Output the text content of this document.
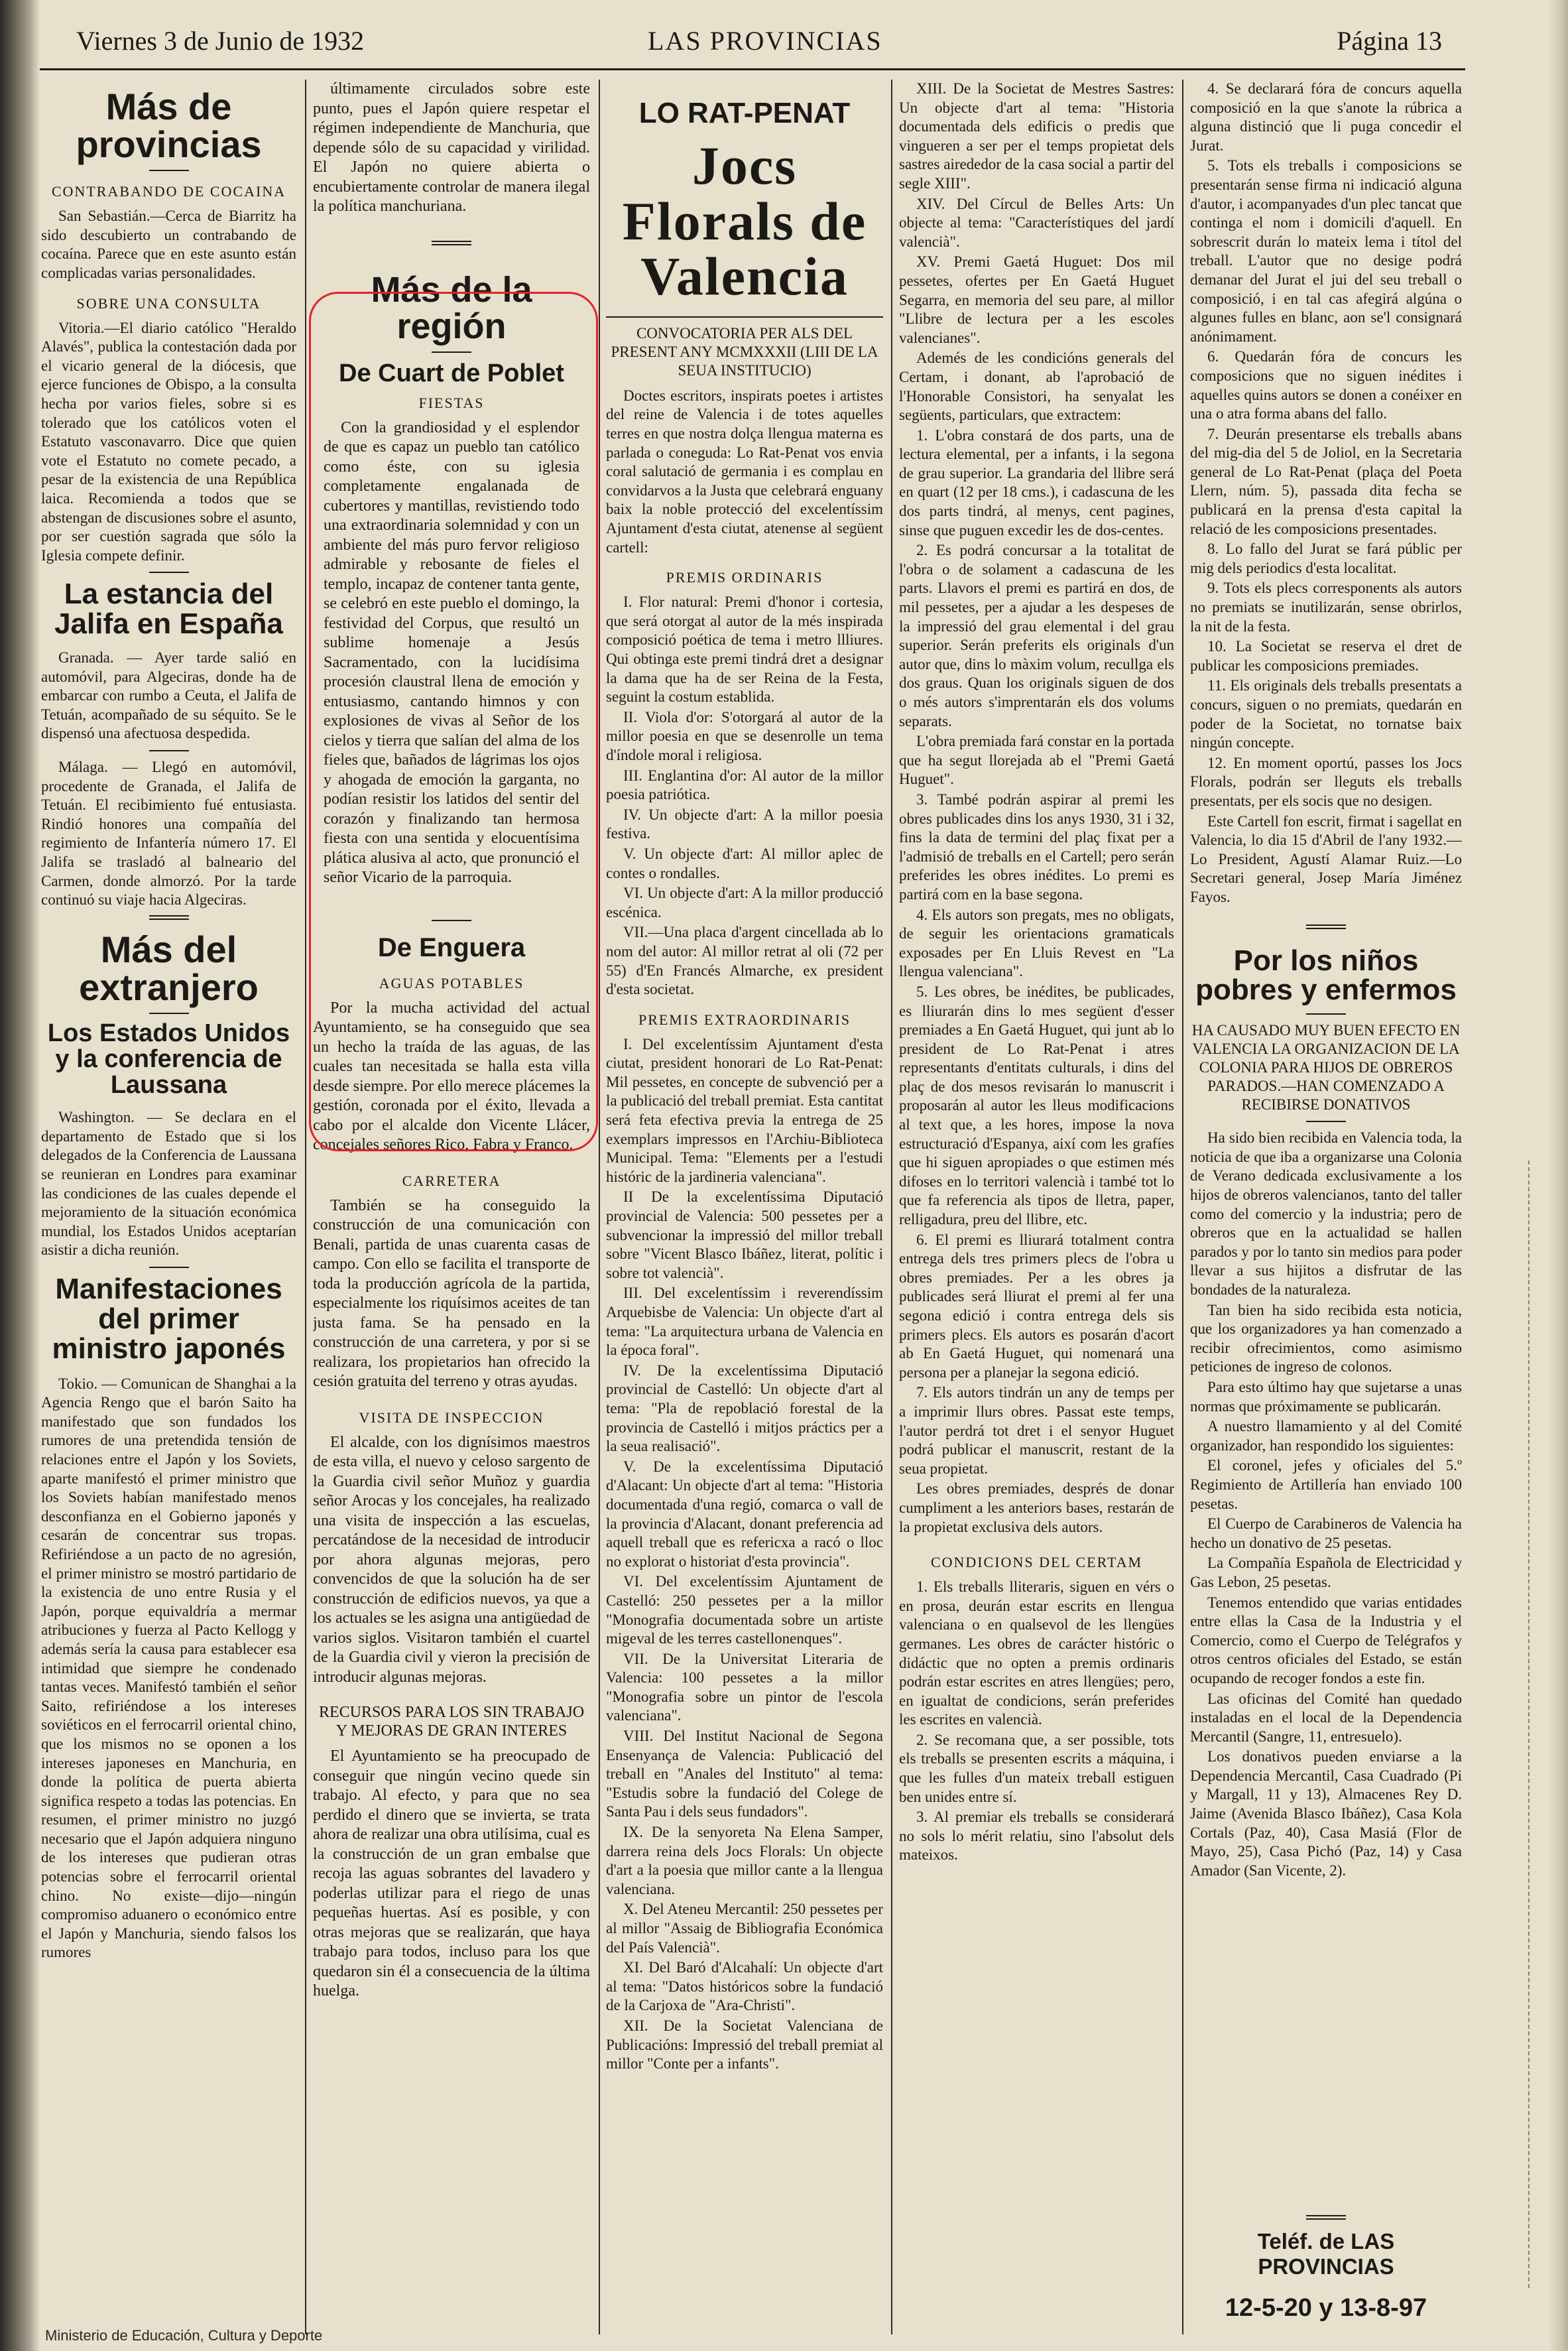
Viernes 3 de Junio de 1932	LAS PROVINCIAS	Página 13
Más de provincias
CONTRABANDO DE COCAINA

San Sebastián.—Cerca de Biarritz ha sido descubierto un contrabando de cocaína. Parece que en este asunto están complicadas varias personalidades.

SOBRE UNA CONSULTA

Vitoria.—El diario católico "Heraldo Alavés", publica la contestación dada por el vicario general de la diócesis, que ejerce funciones de Obispo, a la consulta hecha por varios fieles, sobre si es tolerado que los católicos voten el Estatuto vasconavarro. Dice que quien vote el Estatuto no comete pecado, a pesar de la existencia de una República laica. Recomienda a todos que se abstengan de discusiones sobre el asunto, por ser cuestión sagrada que sólo la Iglesia compete definir.

La estancia del Jalifa en España

Granada. — Ayer tarde salió en automóvil, para Algeciras, donde ha de embarcar con rumbo a Ceuta, el Jalifa de Tetuán, acompañado de su séquito. Se le dispensó una afectuosa despedida.

Málaga. — Llegó en automóvil, procedente de Granada, el Jalifa de Tetuán. El recibimiento fué entusiasta. Rindió honores una compañía del regimiento de Infantería número 17. El Jalifa se trasladó al balneario del Carmen, donde almorzó. Por la tarde continuó su viaje hacia Algeciras.

Más del extranjero
Los Estados Unidos y la conferencia de Laussana

Washington. — Se declara en el departamento de Estado que si los delegados de la Conferencia de Laussana se reunieran en Londres para examinar las condiciones de las cuales depende el mejoramiento de la situación económica mundial, los Estados Unidos aceptarían asistir a dicha reunión.

Manifestaciones del primer ministro japonés

Tokio. — Comunican de Shanghai a la Agencia Rengo que el barón Saito ha manifestado que son fundados los rumores de una pretendida tensión de relaciones entre el Japón y los Soviets, aparte manifestó el primer ministro que los Soviets habían manifestado menos desconfianza en el Gobierno japonés y cesarán de concentrar sus tropas. Refiriéndose a un pacto de no agresión, el primer ministro se mostró partidario de la existencia de uno entre Rusia y el Japón, porque equivaldría a mermar atribuciones y fuerza al Pacto Kellogg y además sería la causa para establecer esa intimidad que siempre he condenado tantas veces. Manifestó también el señor Saito, refiriéndose a los intereses soviéticos en el ferrocarril oriental chino, que los mismos no se oponen a los intereses japoneses en Manchuria, en donde la política de puerta abierta significa respeto a todas las potencias. En resumen, el primer ministro no juzgó necesario que el Japón adquiera ninguno de los intereses que pudieran otras potencias sobre el ferrocarril oriental chino. No existe—dijo—ningún compromiso aduanero o económico entre el Japón y Manchuria, siendo falsos los rumores

últimamente circulados sobre este punto, pues el Japón quiere respetar el régimen independiente de Manchuria, que depende sólo de su capacidad y virilidad. El Japón no quiere abierta o encubiertamente controlar de manera ilegal la política manchuriana.

Más de la región
De Cuart de Poblet
FIESTAS

Con la grandiosidad y el esplendor de que es capaz un pueblo tan católico como éste, con su iglesia completamente engalanada de cubertores y mantillas, revistiendo todo una extraordinaria solemnidad y con un ambiente del más puro fervor religioso admirable y rebosante de fieles el templo, incapaz de contener tanta gente, se celebró en este pueblo el domingo, la festividad del Corpus, que resultó un sublime homenaje a Jesús Sacramentado, con la lucidísima procesión claustral llena de emoción y entusiasmo, cantando himnos y con explosiones de vivas al Señor de los cielos y tierra que salían del alma de los fieles que, bañados de lágrimas los ojos y ahogada de emoción la garganta, no podían resistir los latidos del sentir del corazón y finalizando tan hermosa fiesta con una sentida y elocuentísima plática alusiva al acto, que pronunció el señor Vicario de la parroquia.

De Enguera
AGUAS POTABLES

Por la mucha actividad del actual Ayuntamiento, se ha conseguido que sea un hecho la traída de las aguas, de las cuales tan necesitada se halla esta villa desde siempre. Por ello merece plácemes la gestión, coronada por el éxito, llevada a cabo por el alcalde don Vicente Llácer, concejales señores Rico, Fabra y Franco.

CARRETERA

También se ha conseguido la construcción de una comunicación con Benali, partida de unas cuarenta casas de campo. Con ello se facilita el transporte de toda la producción agrícola de la partida, especialmente los riquísimos aceites de tan justa fama. Se ha pensado en la construcción de una carretera, y por si se realizara, los propietarios han ofrecido la cesión gratuita del terreno y otras ayudas.

VISITA DE INSPECCION

El alcalde, con los dignísimos maestros de esta villa, el nuevo y celoso sargento de la Guardia civil señor Muñoz y guardia señor Arocas y los concejales, ha realizado una visita de inspección a las escuelas, percatándose de la necesidad de introducir por ahora algunas mejoras, pero convencidos de que la solución ha de ser construcción de edificios nuevos, ya que a los actuales se les asigna una antigüedad de varios siglos. Visitaron también el cuartel de la Guardia civil y vieron la precisión de introducir algunas mejoras.

RECURSOS PARA LOS SIN TRABAJO Y MEJORAS DE GRAN INTERES

El Ayuntamiento se ha preocupado de conseguir que ningún vecino quede sin trabajo. Al efecto, y para que no sea perdido el dinero que se invierta, se trata ahora de realizar una obra utilísima, cual es la construcción de un gran embalse que recoja las aguas sobrantes del lavadero y poderlas utilizar para el riego de unas pequeñas huertas. Así es posible, y con otras mejoras que se realizarán, que haya trabajo para todos, incluso para los que quedaron sin él a consecuencia de la última huelga.

LO RAT-PENAT
Jocs Florals de Valencia
CONVOCATORIA PER ALS DEL PRESENT ANY MCMXXXII (LIII DE LA SEUA INSTITUCIO)

Doctes escritors, inspirats poetes i artistes del reine de Valencia i de totes aquelles terres en que nostra dolça llengua materna es parlada o coneguda: Lo Rat-Penat vos envia coral salutació de germania i es complau en convidarvos a la Justa que celebrará enguany baix la noble protecció del excelentíssim Ajuntament d'esta ciutat, atenense al següent cartell:

PREMIS ORDINARIS

I. Flor natural: Premi d'honor i cortesia, que será otorgat al autor de la més inspirada composició poética de tema i metro llliures. Qui obtinga este premi tindrá dret a designar la dama que ha de ser Reina de la Festa, seguint la costum establida.

II. Viola d'or: S'otorgará al autor de la millor poesia en que se desenrolle un tema d'índole moral i religiosa.

III. Englantina d'or: Al autor de la millor poesia patriótica.

IV. Un objecte d'art: A la millor poesia festiva.

V. Un objecte d'art: Al millor aplec de contes o rondalles.

VI. Un objecte d'art: A la millor producció escénica.

VII.—Una placa d'argent cincellada ab lo nom del autor: Al millor retrat al oli (72 per 55) d'En Francés Almarche, ex president d'esta societat.

PREMIS EXTRAORDINARIS

I. Del excelentíssim Ajuntament d'esta ciutat, president honorari de Lo Rat-Penat: Mil pessetes, en concepte de subvenció per a la publicació del treball premiat. Esta cantitat será feta efectiva previa la entrega de 25 exemplars impressos en l'Archiu-Biblioteca Municipal. Tema: "Elements per a l'estudi históric de la jardineria valenciana".

II De la excelentíssima Diputació provincial de Valencia: 500 pessetes per a subvencionar la impressió del millor treball sobre "Vicent Blasco Ibáñez, literat, polític i sobre tot valencià".

III. Del excelentíssim i reverendíssim Arquebisbe de Valencia: Un objecte d'art al tema: "La arquitectura urbana de Valencia en la época foral".

IV. De la excelentíssima Diputació provincial de Castelló: Un objecte d'art al tema: "Pla de repoblació forestal de la provincia de Castelló i mitjos práctics per a la seua realisació".

V. De la excelentíssima Diputació d'Alacant: Un objecte d'art al tema: "Historia documentada d'una regió, comarca o vall de la provincia d'Alacant, donant preferencia ad aquell treball que es refericxa a racó o lloc no explorat o historiat d'esta provincia".

VI. Del excelentíssim Ajuntament de Castelló: 250 pessetes per a la millor "Monografia documentada sobre un artiste migeval de les terres castellonenques".

VII. De la Universitat Literaria de Valencia: 100 pessetes a la millor "Monografia sobre un pintor de l'escola valenciana".

VIII. Del Institut Nacional de Segona Ensenyança de Valencia: Publicació del treball en "Anales del Instituto" al tema: "Estudis sobre la fundació del Colege de Santa Pau i dels seus fundadors".

IX. De la senyoreta Na Elena Samper, darrera reina dels Jocs Florals: Un objecte d'art a la poesia que millor cante a la llengua valenciana.

X. Del Ateneu Mercantil: 250 pessetes per al millor "Assaig de Bibliografia Económica del País Valencià".

XI. Del Baró d'Alcahalí: Un objecte d'art al tema: "Datos históricos sobre la fundació de la Carjoxa de "Ara-Christi".

XII. De la Societat Valenciana de Publicacións: Impressió del treball premiat al millor "Conte per a infants".

XIII. De la Societat de Mestres Sastres: Un objecte d'art al tema: "Historia documentada dels edificis o predis que vingueren a ser per el temps propietat dels sastres airededor de la casa social a partir del segle XIII".

XIV. Del Círcul de Belles Arts: Un objecte al tema: "Característiques del jardí valencià".

XV. Premi Gaetá Huguet: Dos mil pessetes, ofertes per En Gaetá Huguet Segarra, en memoria del seu pare, al millor "Llibre de lectura per a les escoles valencianes".

Ademés de les condicións generals del Certam, i donant, ab l'aprobació de l'Honorable Consistori, ha senyalat les següents, particulars, que extractem:

1. L'obra constará de dos parts, una de lectura elemental, per a infants, i la segona de grau superior. La grandaria del llibre será en quart (12 per 18 cms.), i cadascuna de les dos parts tindrá, al menys, cent pagines, sinse que puguen excedir les de dos-centes.

2. Es podrá concursar a la totalitat de l'obra o de solament a cadascuna de les parts. Llavors el premi es partirá en dos, de mil pessetes, per a ajudar a les despeses de la impressió del grau elemental i del grau superior. Serán preferits els originals d'un autor que, dins lo màxim volum, recullga els dos graus. Quan los originals siguen de dos o més autors s'imprentarán els dos volums separats.

L'obra premiada fará constar en la portada que ha segut llorejada ab el "Premi Gaetá Huguet".

3. També podrán aspirar al premi les obres publicades dins los anys 1930, 31 i 32, fins la data de termini del plaç fixat per a l'admisió de treballs en el Cartell; pero serán preferides les obres inédites. Lo premi es partirá com en la base segona.

4. Els autors son pregats, mes no obligats, de seguir les orientacions gramaticals exposades per En Lluis Revest en "La llengua valenciana".

5. Les obres, be inédites, be publicades, es lliurarán dins lo mes següent d'esser premiades a En Gaetá Huguet, qui junt ab lo president de Lo Rat-Penat i atres representants d'entitats culturals, i dins del plaç de dos mesos revisarán lo manuscrit i proposarán al autor les lleus modificacions al text que, a les hores, impose la nova estructuració d'Espanya, així com les grafíes que hi siguen apropiades o que estimen més difoses en lo territori valencià i també tot lo que fa referencia als tipos de lletra, paper, relligadura, preu del llibre, etc.

6. El premi es lliurará totalment contra entrega dels tres primers plecs de l'obra u obres premiades. Per a les obres ja publicades será lliurat el premi al fer una segona edició i contra entrega dels sis primers plecs. Els autors es posarán d'acort ab En Gaetá Huguet, qui nomenará una persona per a planejar la segona edició.

7. Els autors tindrán un any de temps per a imprimir llurs obres. Passat este temps, l'autor perdrá tot dret i el senyor Huguet podrá publicar el manuscrit, restant de la seua propietat.

Les obres premiades, després de donar cumpliment a les anteriors bases, restarán de la propietat exclusiva dels autors.

CONDICIONS DEL CERTAM

1. Els treballs lliteraris, siguen en vérs o en prosa, deurán estar escrits en llengua valenciana o en qualsevol de les llengües germanes. Les obres de carácter históric o didáctic que no opten a premis ordinaris podrán estar escrites en atres llengües; pero, en igualtat de condicions, serán preferides les escrites en valencià.

2. Se recomana que, a ser possible, tots els treballs se presenten escrits a máquina, i que les fulles d'un mateix treball estiguen ben unides entre sí.

3. Al premiar els treballs se considerará no sols lo mérit relatiu, sino l'absolut dels mateixos.

4. Se declarará fóra de concurs aquella composició en la que s'anote la rúbrica a alguna distinció que li puga concedir el Jurat.

5. Tots els treballs i composicions se presentarán sense firma ni indicació alguna d'autor, i acompanyades d'un plec tancat que continga el nom i domicili d'aquell. En sobrescrit durán lo mateix lema i títol del treball. L'autor que no desige podrá demanar del Jurat el jui del seu treball o composició, i en tal cas afegirá algúna o algunes fulles en blanc, aon se'l consignará anónimament.

6. Quedarán fóra de concurs les composicions que no siguen inédites i aquelles quins autors se donen a conéixer en una o atra forma abans del fallo.

7. Deurán presentarse els treballs abans del mig-dia del 5 de Joliol, en la Secretaria general de Lo Rat-Penat (plaça del Poeta Llern, núm. 5), passada dita fecha se publicará en la prensa d'esta capital la relació de les composicions presentades.

8. Lo fallo del Jurat se fará públic per mig dels periodics d'esta localitat.

9. Tots els plecs corresponents als autors no premiats se inutilizarán, sense obrirlos, la nit de la festa.

10. La Societat se reserva el dret de publicar les composicions premiades.

11. Els originals dels treballs presentats a concurs, siguen o no premiats, quedarán en poder de la Societat, no tornatse baix ningún concepte.

12. En moment oportú, passes los Jocs Florals, podrán ser lleguts els treballs presentats, per els socis que no desigen.

Este Cartell fon escrit, firmat i sagellat en Valencia, lo dia 15 d'Abril de l'any 1932.—Lo President, Agustí Alamar Ruiz.—Lo Secretari general, Josep María Jiménez Fayos.

Por los niños pobres y enfermos
HA CAUSADO MUY BUEN EFECTO EN VALENCIA LA ORGANIZACION DE LA COLONIA PARA HIJOS DE OBREROS PARADOS.—HAN COMENZADO A RECIBIRSE DONATIVOS

Ha sido bien recibida en Valencia toda, la noticia de que iba a organizarse una Colonia de Verano dedicada exclusivamente a los hijos de obreros valencianos, tanto del taller como del comercio y la industria; pero de obreros que en la actualidad se hallen parados y por lo tanto sin medios para poder llevar a sus hijitos a disfrutar de las bondades de la naturaleza.

Tan bien ha sido recibida esta noticia, que los organizadores ya han comenzado a recibir ofrecimientos, como asimismo peticiones de ingreso de colonos.

Para esto último hay que sujetarse a unas normas que próximamente se publicarán.

A nuestro llamamiento y al del Comité organizador, han respondido los siguientes:

El coronel, jefes y oficiales del 5.º Regimiento de Artillería han enviado 100 pesetas.

El Cuerpo de Carabineros de Valencia ha hecho un donativo de 25 pesetas.

La Compañía Española de Electricidad y Gas Lebon, 25 pesetas.

Tenemos entendido que varias entidades entre ellas la Casa de la Industria y el Comercio, como el Cuerpo de Telégrafos y otros centros oficiales del Estado, se están ocupando de recoger fondos a este fin.

Las oficinas del Comité han quedado instaladas en el local de la Dependencia Mercantil (Sangre, 11, entresuelo).

Los donativos pueden enviarse a la Dependencia Mercantil, Casa Cuadrado (Pi y Margall, 11 y 13), Almacenes Rey D. Jaime (Avenida Blasco Ibáñez), Casa Kola Cortals (Paz, 40), Casa Masiá (Flor de Mayo, 25), Casa Pichó (Paz, 14) y Casa Amador (San Vicente, 2).

Teléf. de LAS PROVINCIAS
12-5-20 y 13-8-97
Ministerio de Educación, Cultura y Deporte
